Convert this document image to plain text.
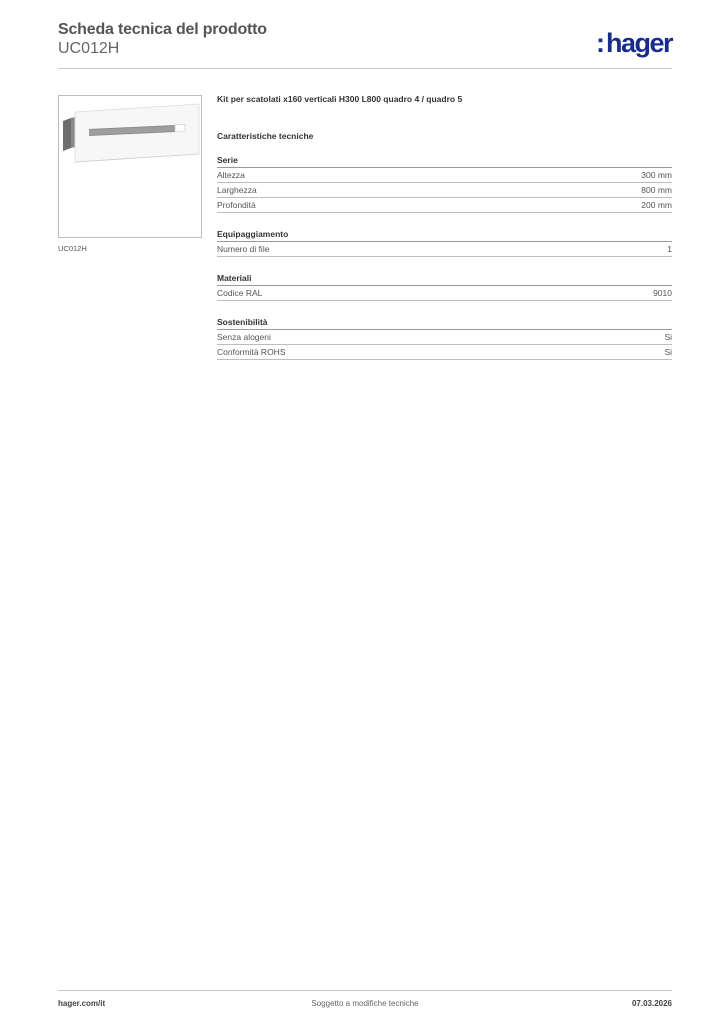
Scheda tecnica del prodotto
UC012H	:hager
UC012H
Kit per scatolati x160 verticali H300 L800 quadro 4 / quadro 5
Caratteristiche tecniche
Serie
Altezza	300 mm
Larghezza	800 mm
Profondità	200 mm
Equipaggiamento
Numero di file	1
Materiali
Codice RAL	9010
Sostenibilità
Senza alogeni	Si
Conformità ROHS	Si
hager.com/it	Soggetto a modifiche tecniche	07.03.2026
